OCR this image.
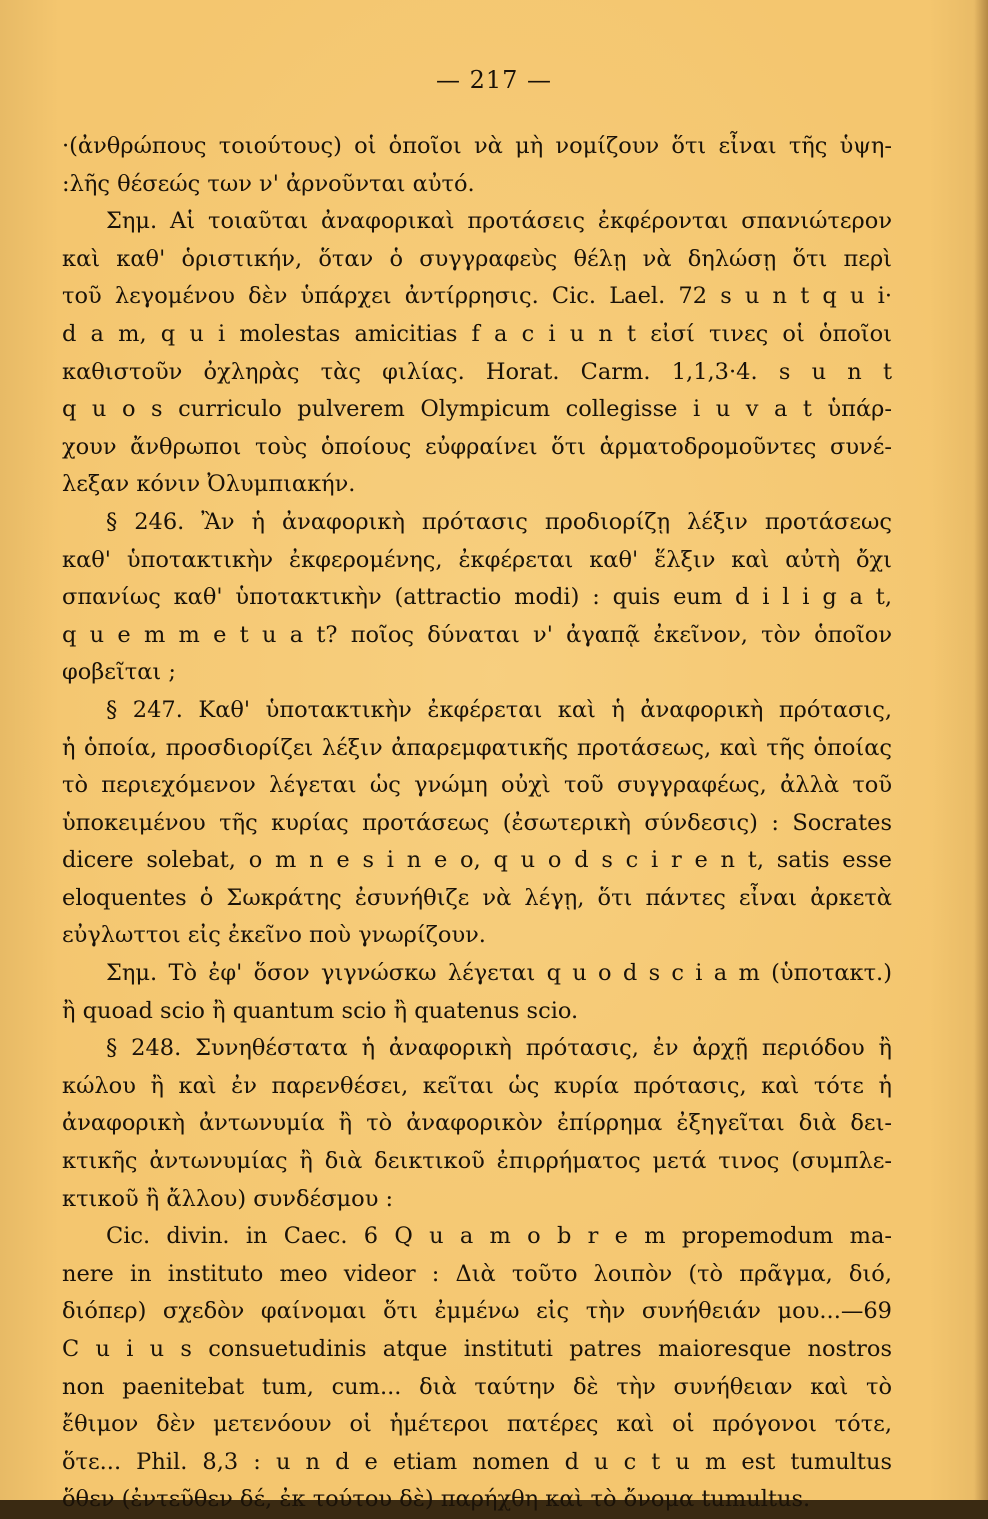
— 217 —
·(ἀνθρώπους τοιούτους) οἱ ὁποῖοι νὰ μὴ νομίζουν ὅτι εἶναι τῆς ὑψη-
:λῆς θέσεώς των ν' ἀρνοῦνται αὐτό.
Σημ. Αἱ τοιαῦται ἀναφορικαὶ προτάσεις ἐκφέρονται σπανιώτερον
καὶ καθ' ὁριστικήν, ὅταν ὁ συγγραφεὺς θέλῃ νὰ δηλώσῃ ὅτι περὶ
τοῦ λεγομένου δὲν ὑπάρχει ἀντίρρησις. Cic. Lael. 72 s u n t q u i·
d a m, q u i molestas amicitias f a c i u n t εἰσί τινες οἱ ὁποῖοι
καθιστοῦν ὀχληρὰς τὰς φιλίας. Horat. Carm. 1,1,3·4. s u n t
q u o s curriculo pulverem Olympicum collegisse i u v a t ὑπάρ-
χουν ἄνθρωποι τοὺς ὁποίους εὐφραίνει ὅτι ἁρματοδρομοῦντες συνέ-
λεξαν κόνιν Ὀλυμπιακήν.
§ 246. Ἂν ἡ ἀναφορικὴ πρότασις προδιορίζῃ λέξιν προτάσεως
καθ' ὑποτακτικὴν ἐκφερομένης, ἐκφέρεται καθ' ἕλξιν καὶ αὐτὴ ὄχι
σπανίως καθ' ὑποτακτικὴν (attractio modi) : quis eum d i l i g a t,
q u e m m e t u a t? ποῖος δύναται ν' ἀγαπᾷ ἐκεῖνον, τὸν ὁποῖον
φοβεῖται ;
§ 247. Καθ' ὑποτακτικὴν ἐκφέρεται καὶ ἡ ἀναφορικὴ πρότασις,
ἡ ὁποία, προσδιορίζει λέξιν ἀπαρεμφατικῆς προτάσεως, καὶ τῆς ὁποίας
τὸ περιεχόμενον λέγεται ὡς γνώμη οὐχὶ τοῦ συγγραφέως, ἀλλὰ τοῦ
ὑποκειμένου τῆς κυρίας προτάσεως (ἐσωτερικὴ σύνδεσις) : Socrates
dicere solebat, o m n e s i n e o, q u o d s c i r e n t, satis esse
eloquentes ὁ Σωκράτης ἐσυνήθιζε νὰ λέγῃ, ὅτι πάντες εἶναι ἀρκετὰ
εὐγλωττοι εἰς ἐκεῖνο ποὺ γνωρίζουν.
Σημ. Τὸ ἐφ' ὅσον γιγνώσκω λέγεται q u o d s c i a m (ὑποτακτ.)
ἢ quoad scio ἢ quantum scio ἢ quatenus scio.
§ 248. Συνηθέστατα ἡ ἀναφορικὴ πρότασις, ἐν ἀρχῇ περιόδου ἢ
κώλου ἢ καὶ ἐν παρενθέσει, κεῖται ὡς κυρία πρότασις, καὶ τότε ἡ
ἀναφορικὴ ἀντωνυμία ἢ τὸ ἀναφορικὸν ἐπίρρημα ἐξηγεῖται διὰ δει-
κτικῆς ἀντωνυμίας ἢ διὰ δεικτικοῦ ἐπιρρήματος μετά τινος (συμπλε-
κτικοῦ ἢ ἄλλου) συνδέσμου :
Cic. divin. in Caec. 6 Q u a m o b r e m propemodum ma-
nere in instituto meo videor : Διὰ τοῦτο λοιπὸν (τὸ πρᾶγμα, διό,
διόπερ) σχεδὸν φαίνομαι ὅτι ἐμμένω εἰς τὴν συνήθειάν μου...—69
C u i u s consuetudinis atque instituti patres maioresque nostros
non paenitebat tum, cum... διὰ ταύτην δὲ τὴν συνήθειαν καὶ τὸ
ἔθιμον δὲν μετενόουν οἱ ἡμέτεροι πατέρες καὶ οἱ πρόγονοι τότε,
ὅτε... Phil. 8,3 : u n d e etiam nomen d u c t u m est tumultus
ὅθεν (ἐντεῦθεν δέ, ἐκ τούτου δὲ) παρήχθη καὶ τὸ ὄνομα tumultus.
